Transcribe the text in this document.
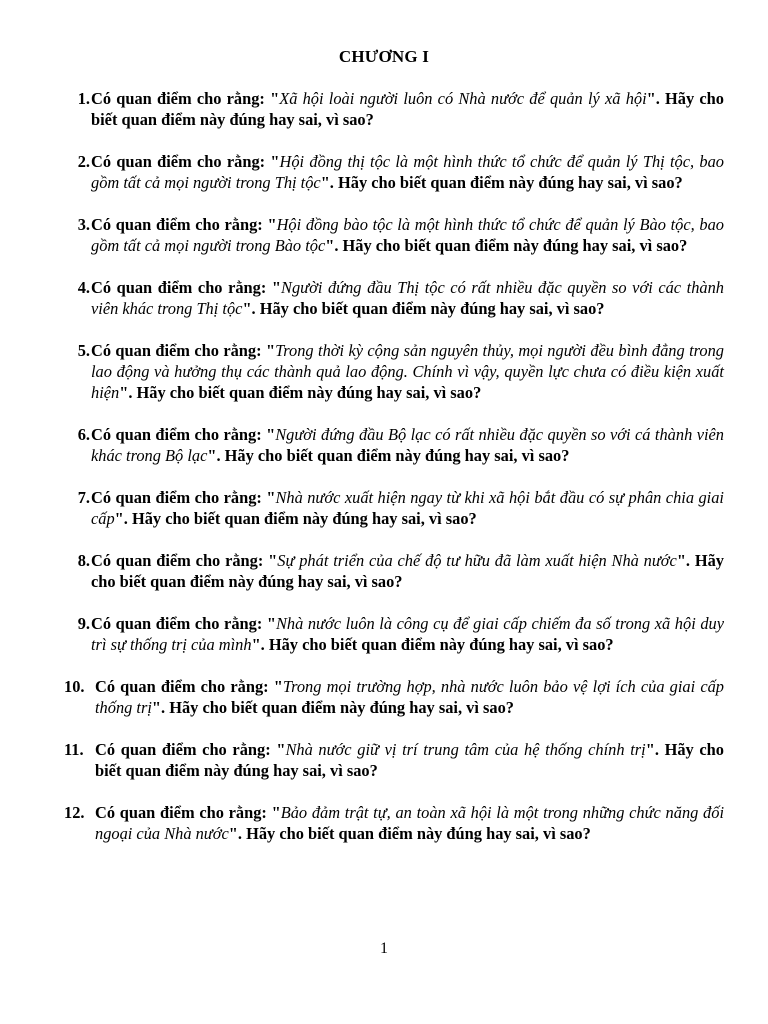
CHƯƠNG I
1. Có quan điểm cho rằng: "Xã hội loài người luôn có Nhà nước để quản lý xã hội". Hãy cho biết quan điểm này đúng hay sai, vì sao?
2. Có quan điểm cho rằng: "Hội đồng thị tộc là một hình thức tổ chức để quản lý Thị tộc, bao gồm tất cả mọi người trong Thị tộc". Hãy cho biết quan điểm này đúng hay sai, vì sao?
3. Có quan điểm cho rằng: "Hội đồng bào tộc là một hình thức tổ chức để quản lý Bào tộc, bao gồm tất cả mọi người trong Bào tộc". Hãy cho biết quan điểm này đúng hay sai, vì sao?
4. Có quan điểm cho rằng: "Người đứng đầu Thị tộc có rất nhiều đặc quyền so với các thành viên khác trong Thị tộc". Hãy cho biết quan điểm này đúng hay sai, vì sao?
5. Có quan điểm cho rằng: "Trong thời kỳ cộng sản nguyên thủy, mọi người đều bình đẳng trong lao động và hưởng thụ các thành quả lao động. Chính vì vậy, quyền lực chưa có điều kiện xuất hiện". Hãy cho biết quan điểm này đúng hay sai, vì sao?
6. Có quan điểm cho rằng: "Người đứng đầu Bộ lạc có rất nhiều đặc quyền so với cá thành viên khác trong Bộ lạc". Hãy cho biết quan điểm này đúng hay sai, vì sao?
7. Có quan điểm cho rằng: "Nhà nước xuất hiện ngay từ khi xã hội bắt đầu có sự phân chia giai cấp". Hãy cho biết quan điểm này đúng hay sai, vì sao?
8. Có quan điểm cho rằng: "Sự phát triển của chế độ tư hữu đã làm xuất hiện Nhà nước". Hãy cho biết quan điểm này đúng hay sai, vì sao?
9. Có quan điểm cho rằng: "Nhà nước luôn là công cụ để giai cấp chiếm đa số trong xã hội duy trì sự thống trị của mình". Hãy cho biết quan điểm này đúng hay sai, vì sao?
10. Có quan điểm cho rằng: "Trong mọi trường hợp, nhà nước luôn bảo vệ lợi ích của giai cấp thống trị". Hãy cho biết quan điểm này đúng hay sai, vì sao?
11. Có quan điểm cho rằng: "Nhà nước giữ vị trí trung tâm của hệ thống chính trị". Hãy cho biết quan điểm này đúng hay sai, vì sao?
12. Có quan điểm cho rằng: "Bảo đảm trật tự, an toàn xã hội là một trong những chức năng đối ngoại của Nhà nước". Hãy cho biết quan điểm này đúng hay sai, vì sao?
1
